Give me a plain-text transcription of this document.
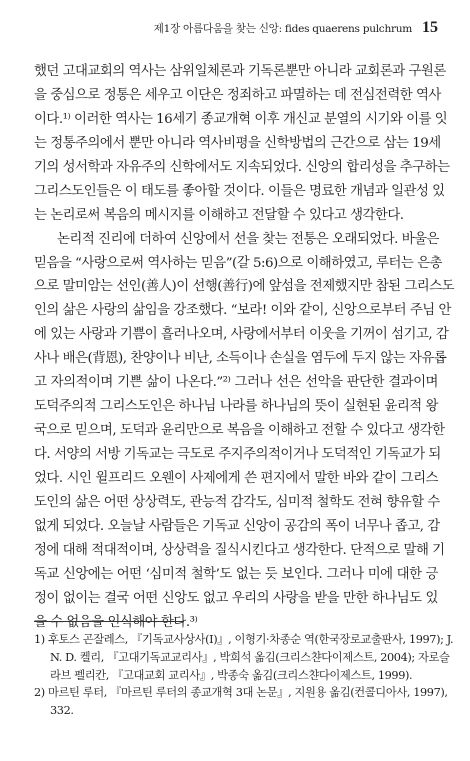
제1장 아름다움을 찾는 신앙: fides quaerens pulchrum 15
했던 고대교회의 역사는 삼위일체론과 기독론뿐만 아니라 교회론과 구원론
을 중심으로 정통은 세우고 이단은 정죄하고 파멸하는 데 전심전력한 역사
이다.¹⁾ 이러한 역사는 16세기 종교개혁 이후 개신교 분열의 시기와 이를 잇
는 정통주의에서 뿐만 아니라 역사비평을 신학방법의 근간으로 삼는 19세
기의 성서학과 자유주의 신학에서도 지속되었다. 신앙의 합리성을 추구하는
그리스도인들은 이 태도를 좋아할 것이다. 이들은 명료한 개념과 일관성 있
는 논리로써 복음의 메시지를 이해하고 전달할 수 있다고 생각한다.
논리적 진리에 더하여 신앙에서 선을 찾는 전통은 오래되었다. 바울은
믿음을 “사랑으로써 역사하는 믿음”(갈 5:6)으로 이해하였고, 루터는 은총
으로 말미암는 선인(善人)이 선행(善行)에 앞섬을 전제했지만 참된 그리스도
인의 삶은 사랑의 삶임을 강조했다. “보라! 이와 같이, 신앙으로부터 주님 안
에 있는 사랑과 기쁨이 흘러나오며, 사랑에서부터 이웃을 기꺼이 섬기고, 감
사나 배은(背恩), 찬양이나 비난, 소득이나 손실을 염두에 두지 않는 자유롭
고 자의적이며 기쁜 삶이 나온다.”²⁾ 그러나 선은 선악을 판단한 결과이며
도덕주의적 그리스도인은 하나님 나라를 하나님의 뜻이 실현된 윤리적 왕
국으로 믿으며, 도덕과 윤리만으로 복음을 이해하고 전할 수 있다고 생각한
다. 서양의 서방 기독교는 극도로 주지주의적이거나 도덕적인 기독교가 되
었다. 시인 윌프리드 오웬이 사제에게 쓴 편지에서 말한 바와 같이 그리스
도인의 삶은 어떤 상상력도, 관능적 감각도, 심미적 철학도 전혀 향유할 수
없게 되었다. 오늘날 사람들은 기독교 신앙이 공감의 폭이 너무나 좁고, 감
정에 대해 적대적이며, 상상력을 질식시킨다고 생각한다. 단적으로 말해 기
독교 신앙에는 어떤 ‘심미적 철학’도 없는 듯 보인다. 그러나 미에 대한 긍
정이 없이는 결국 어떤 신앙도 없고 우리의 사랑을 받을 만한 하나님도 있
을 수 없음을 인식해야 한다.³⁾
1) 후토스 곤잘레스, 『기독교사상사(I)』, 이형기·차종순 역(한국장로교출판사, 1997); J.
N. D. 켈리, 『고대기독교교리사』, 박희석 옮김(크리스챤다이제스트, 2004); 자로슬
라브 펠리칸, 『고대교회 교리사』, 박종숙 옮김(크리스챤다이제스트, 1999).
2) 마르틴 루터, 『마르틴 루터의 종교개혁 3대 논문』, 지원용 옮김(컨콜디아사, 1997),
332.
